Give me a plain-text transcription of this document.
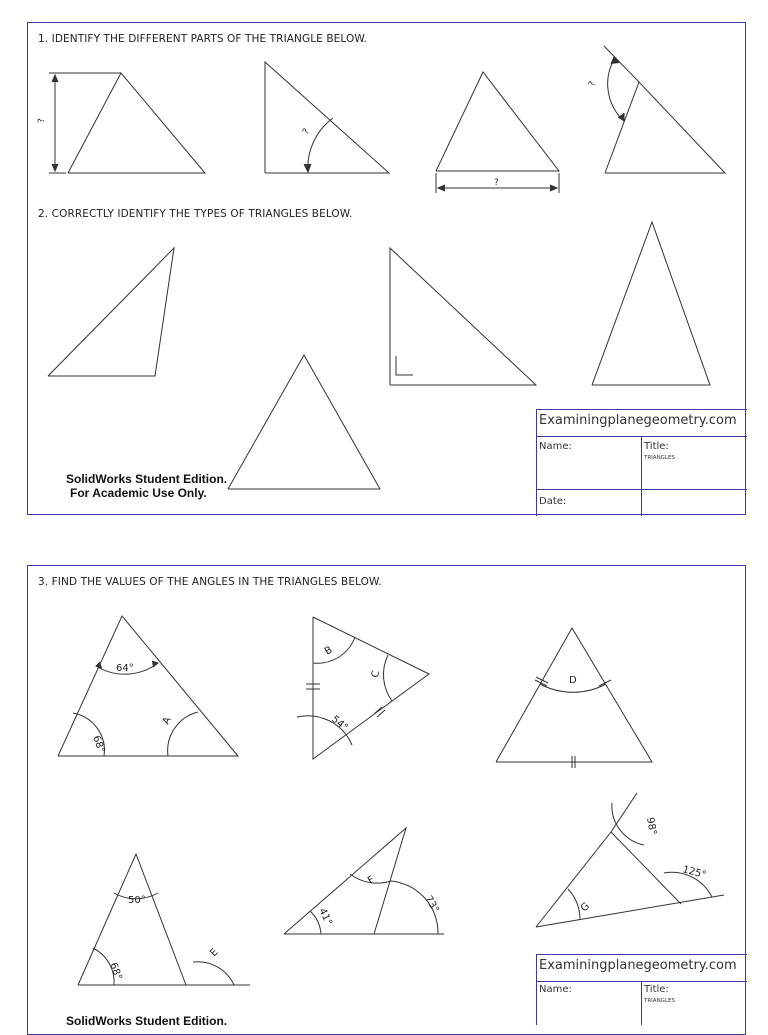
1. IDENTIFY THE DIFFERENT PARTS OF THE TRIANGLE BELOW.
2. CORRECTLY IDENTIFY THE TYPES OF TRIANGLES BELOW.
?
?
?
?
SolidWorks Student Edition.
For Academic Use Only.
Examiningplanegeometry.com
Name:	Title:
TRIANGLES
Date:
3. FIND THE VALUES OF THE ANGLES IN THE TRIANGLES BELOW.
64°
68°
A
B
C
54°
D
50°
68°
E
41°
F
73°
98°
125°
G
SolidWorks Student Edition.
Examiningplanegeometry.com
Name:	Title:
TRIANGLES
